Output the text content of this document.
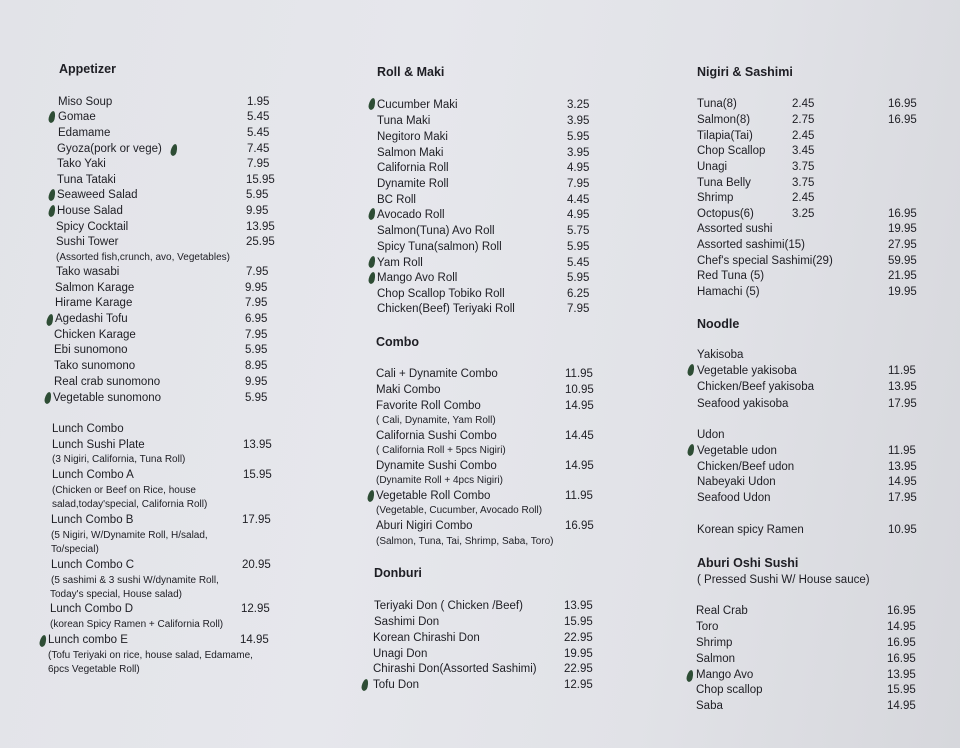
Appetizer
Miso Soup	1.95
Gomae	5.45
Edamame	5.45
Gyoza(pork or vege)	7.45
Tako Yaki	7.95
Tuna Tataki	15.95
Seaweed Salad	5.95
House Salad	9.95
Spicy Cocktail	13.95
Sushi Tower	25.95
(Assorted fish,crunch, avo, Vegetables)
Tako wasabi	7.95
Salmon Karage	9.95
Hirame Karage	7.95
Agedashi Tofu	6.95
Chicken Karage	7.95
Ebi sunomono	5.95
Tako sunomono	8.95
Real crab sunomono	9.95
Vegetable sunomono	5.95
Lunch Combo
Lunch Sushi Plate	13.95
(3 Nigiri, California, Tuna Roll)
Lunch Combo A	15.95
(Chicken or Beef on Rice, house
salad,today'special, California Roll)
Lunch Combo B	17.95
(5 Nigiri, W/Dynamite Roll, H/salad,
To/special)
Lunch Combo C	20.95
(5 sashimi & 3 sushi W/dynamite Roll,
Today's special, House salad)
Lunch Combo D	12.95
(korean Spicy Ramen + California Roll)
Lunch combo E	14.95
(Tofu Teriyaki on rice, house salad, Edamame,
6pcs Vegetable Roll)
Roll & Maki
Cucumber Maki	3.25
Tuna Maki	3.95
Negitoro Maki	5.95
Salmon Maki	3.95
California Roll	4.95
Dynamite Roll	7.95
BC Roll	4.45
Avocado Roll	4.95
Salmon(Tuna) Avo Roll	5.75
Spicy Tuna(salmon) Roll	5.95
Yam Roll	5.45
Mango Avo Roll	5.95
Chop Scallop Tobiko Roll	6.25
Chicken(Beef) Teriyaki Roll	7.95
Combo
Cali + Dynamite Combo	11.95
Maki Combo	10.95
Favorite Roll Combo	14.95
( Cali, Dynamite, Yam Roll)
California Sushi Combo	14.45
( California Roll + 5pcs Nigiri)
Dynamite Sushi Combo	14.95
(Dynamite Roll + 4pcs Nigiri)
Vegetable Roll Combo	11.95
(Vegetable, Cucumber, Avocado Roll)
Aburi Nigiri Combo	16.95
(Salmon, Tuna, Tai, Shrimp, Saba, Toro)
Donburi
Teriyaki Don ( Chicken /Beef)	13.95
Sashimi Don	15.95
Korean Chirashi Don	22.95
Unagi Don	19.95
Chirashi Don(Assorted Sashimi) 22.95
Tofu Don	12.95
Nigiri & Sashimi
Tuna(8)	2.45	16.95
Salmon(8)	2.75	16.95
Tilapia(Tai)	2.45
Chop Scallop 3.45
Unagi	3.75
Tuna Belly	3.75
Shrimp	2.45
Octopus(6)	3.25	16.95
Assorted sushi	19.95
Assorted sashimi(15)	27.95
Chef's special Sashimi(29)	59.95
Red Tuna (5)	21.95
Hamachi (5)	19.95
Noodle
Yakisoba
Vegetable yakisoba	11.95
Chicken/Beef yakisoba	13.95
Seafood yakisoba	17.95
Udon
Vegetable udon	11.95
Chicken/Beef udon	13.95
Nabeyaki Udon	14.95
Seafood Udon	17.95
Korean spicy Ramen	10.95
Aburi Oshi Sushi
( Pressed Sushi W/ House sauce)
Real Crab	16.95
Toro	14.95
Shrimp	16.95
Salmon	16.95
Mango Avo	13.95
Chop scallop	15.95
Saba	14.95
